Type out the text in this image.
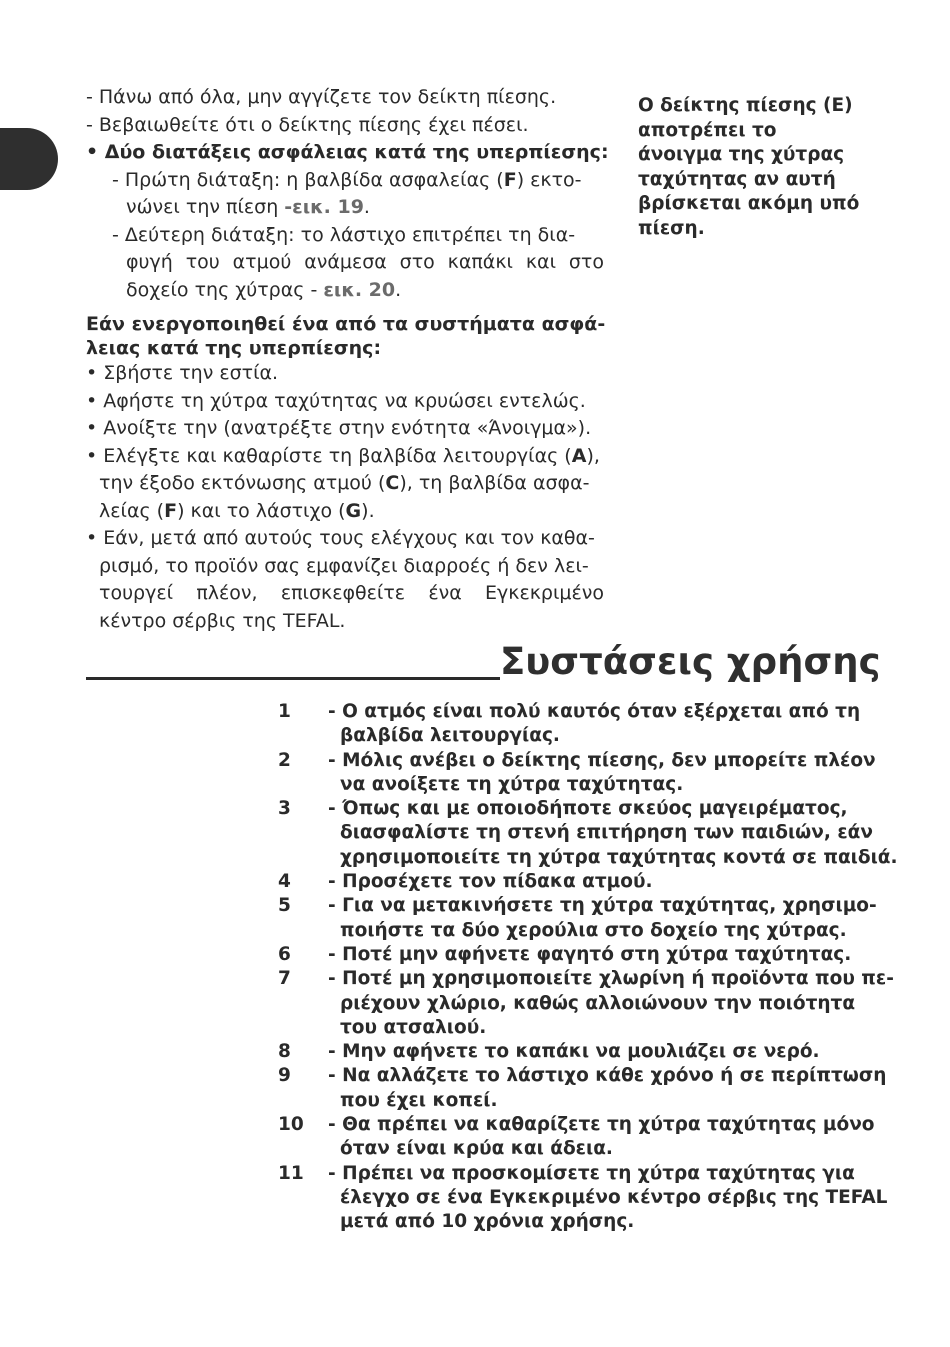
- Πάνω από όλα, μην αγγίζετε τον δείκτη πίεσης.
- Βεβαιωθείτε ότι ο δείκτης πίεσης έχει πέσει.
• Δύο διατάξεις ασφάλειας κατά της υπερπίεσης:
- Πρώτη διάταξη: η βαλβίδα ασφαλείας (F) εκτο-
νώνει την πίεση -εικ. 19.
- Δεύτερη διάταξη: το λάστιχο επιτρέπει τη δια-
φυγή του ατμού ανάμεσα στο καπάκι και στο
δοχείο της χύτρας - εικ. 20.
Εάν ενεργοποιηθεί ένα από τα συστήματα ασφά-
λειας κατά της υπερπίεσης:
• Σβήστε την εστία.
• Αφήστε τη χύτρα ταχύτητας να κρυώσει εντελώς.
• Ανοίξτε την (ανατρέξτε στην ενότητα «Άνοιγμα»).
• Ελέγξτε και καθαρίστε τη βαλβίδα λειτουργίας (A),
την έξοδο εκτόνωσης ατμού (C), τη βαλβίδα ασφα-
λείας (F) και το λάστιχο (G).
• Εάν, μετά από αυτούς τους ελέγχους και τον καθα-
ρισμό, το προϊόν σας εμφανίζει διαρροές ή δεν λει-
τουργεί πλέον, επισκεφθείτε ένα Εγκεκριμένο
κέντρο σέρβις της TEFAL.
Ο δείκτης πίεσης (E)
αποτρέπει το
άνοιγμα της χύτρας
ταχύτητας αν αυτή
βρίσκεται ακόμη υπό
πίεση.
Συστάσεις χρήσης
1	- Ο ατμός είναι πολύ καυτός όταν εξέρχεται από τη
βαλβίδα λειτουργίας.
2	- Μόλις ανέβει ο δείκτης πίεσης, δεν μπορείτε πλέον
να ανοίξετε τη χύτρα ταχύτητας.
3	- Όπως και με οποιοδήποτε σκεύος μαγειρέματος,
διασφαλίστε τη στενή επιτήρηση των παιδιών, εάν
χρησιμοποιείτε τη χύτρα ταχύτητας κοντά σε παιδιά.
4	- Προσέχετε τον πίδακα ατμού.
5	- Για να μετακινήσετε τη χύτρα ταχύτητας, χρησιμο-
ποιήστε τα δύο χερούλια στο δοχείο της χύτρας.
6	- Ποτέ μην αφήνετε φαγητό στη χύτρα ταχύτητας.
7	- Ποτέ μη χρησιμοποιείτε χλωρίνη ή προϊόντα που πε-
ριέχουν χλώριο, καθώς αλλοιώνουν την ποιότητα
του ατσαλιού.
8	- Μην αφήνετε το καπάκι να μουλιάζει σε νερό.
9	- Να αλλάζετε το λάστιχο κάθε χρόνο ή σε περίπτωση
που έχει κοπεί.
10	- Θα πρέπει να καθαρίζετε τη χύτρα ταχύτητας μόνο
όταν είναι κρύα και άδεια.
11	- Πρέπει να προσκομίσετε τη χύτρα ταχύτητας για
έλεγχο σε ένα Εγκεκριμένο κέντρο σέρβις της TEFAL
μετά από 10 χρόνια χρήσης.
